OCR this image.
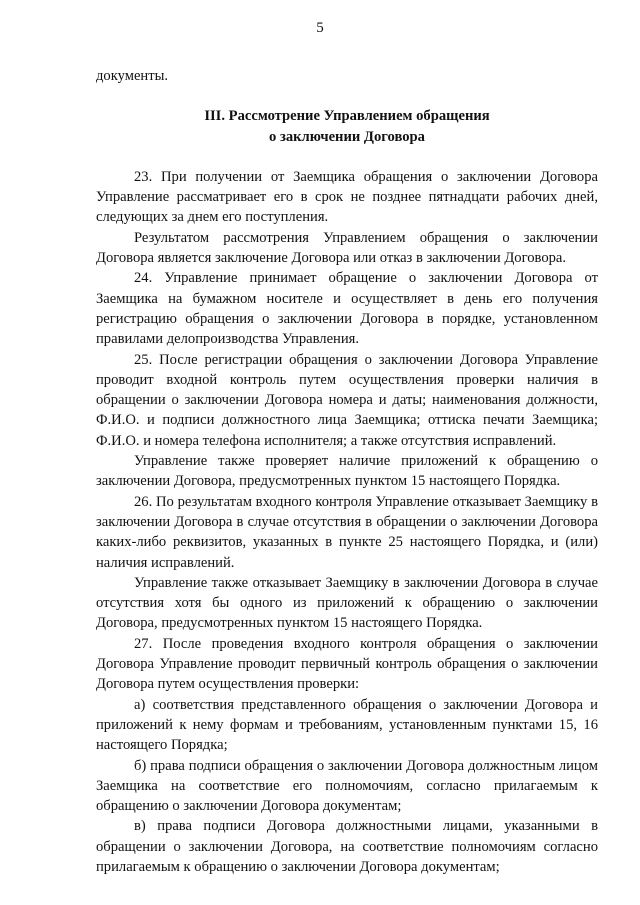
5

документы.

III. Рассмотрение Управлением обращения
о заключении Договора

23. При получении от Заемщика обращения о заключении Договора Управление рассматривает его в срок не позднее пятнадцати рабочих дней, следующих за днем его поступления.

Результатом рассмотрения Управлением обращения о заключении Договора является заключение Договора или отказ в заключении Договора.

24. Управление принимает обращение о заключении Договора от Заемщика на бумажном носителе и осуществляет в день его получения регистрацию обращения о заключении Договора в порядке, установленном правилами делопроизводства Управления.

25. После регистрации обращения о заключении Договора Управление проводит входной контроль путем осуществления проверки наличия в обращении о заключении Договора номера и даты; наименования должности, Ф.И.О. и подписи должностного лица Заемщика; оттиска печати Заемщика; Ф.И.О. и номера телефона исполнителя; а также отсутствия исправлений.

Управление также проверяет наличие приложений к обращению о заключении Договора, предусмотренных пунктом 15 настоящего Порядка.

26. По результатам входного контроля Управление отказывает Заемщику в заключении Договора в случае отсутствия в обращении о заключении Договора каких-либо реквизитов, указанных в пункте 25 настоящего Порядка, и (или) наличия исправлений.

Управление также отказывает Заемщику в заключении Договора в случае отсутствия хотя бы одного из приложений к обращению о заключении Договора, предусмотренных пунктом 15 настоящего Порядка.

27. После проведения входного контроля обращения о заключении Договора Управление проводит первичный контроль обращения о заключении Договора путем осуществления проверки:

а) соответствия представленного обращения о заключении Договора и приложений к нему формам и требованиям, установленным пунктами 15, 16 настоящего Порядка;

б) права подписи обращения о заключении Договора должностным лицом Заемщика на соответствие его полномочиям, согласно прилагаемым к обращению о заключении Договора документам;

в) права подписи Договора должностными лицами, указанными в обращении о заключении Договора, на соответствие полномочиям согласно прилагаемым к обращению о заключении Договора документам;
